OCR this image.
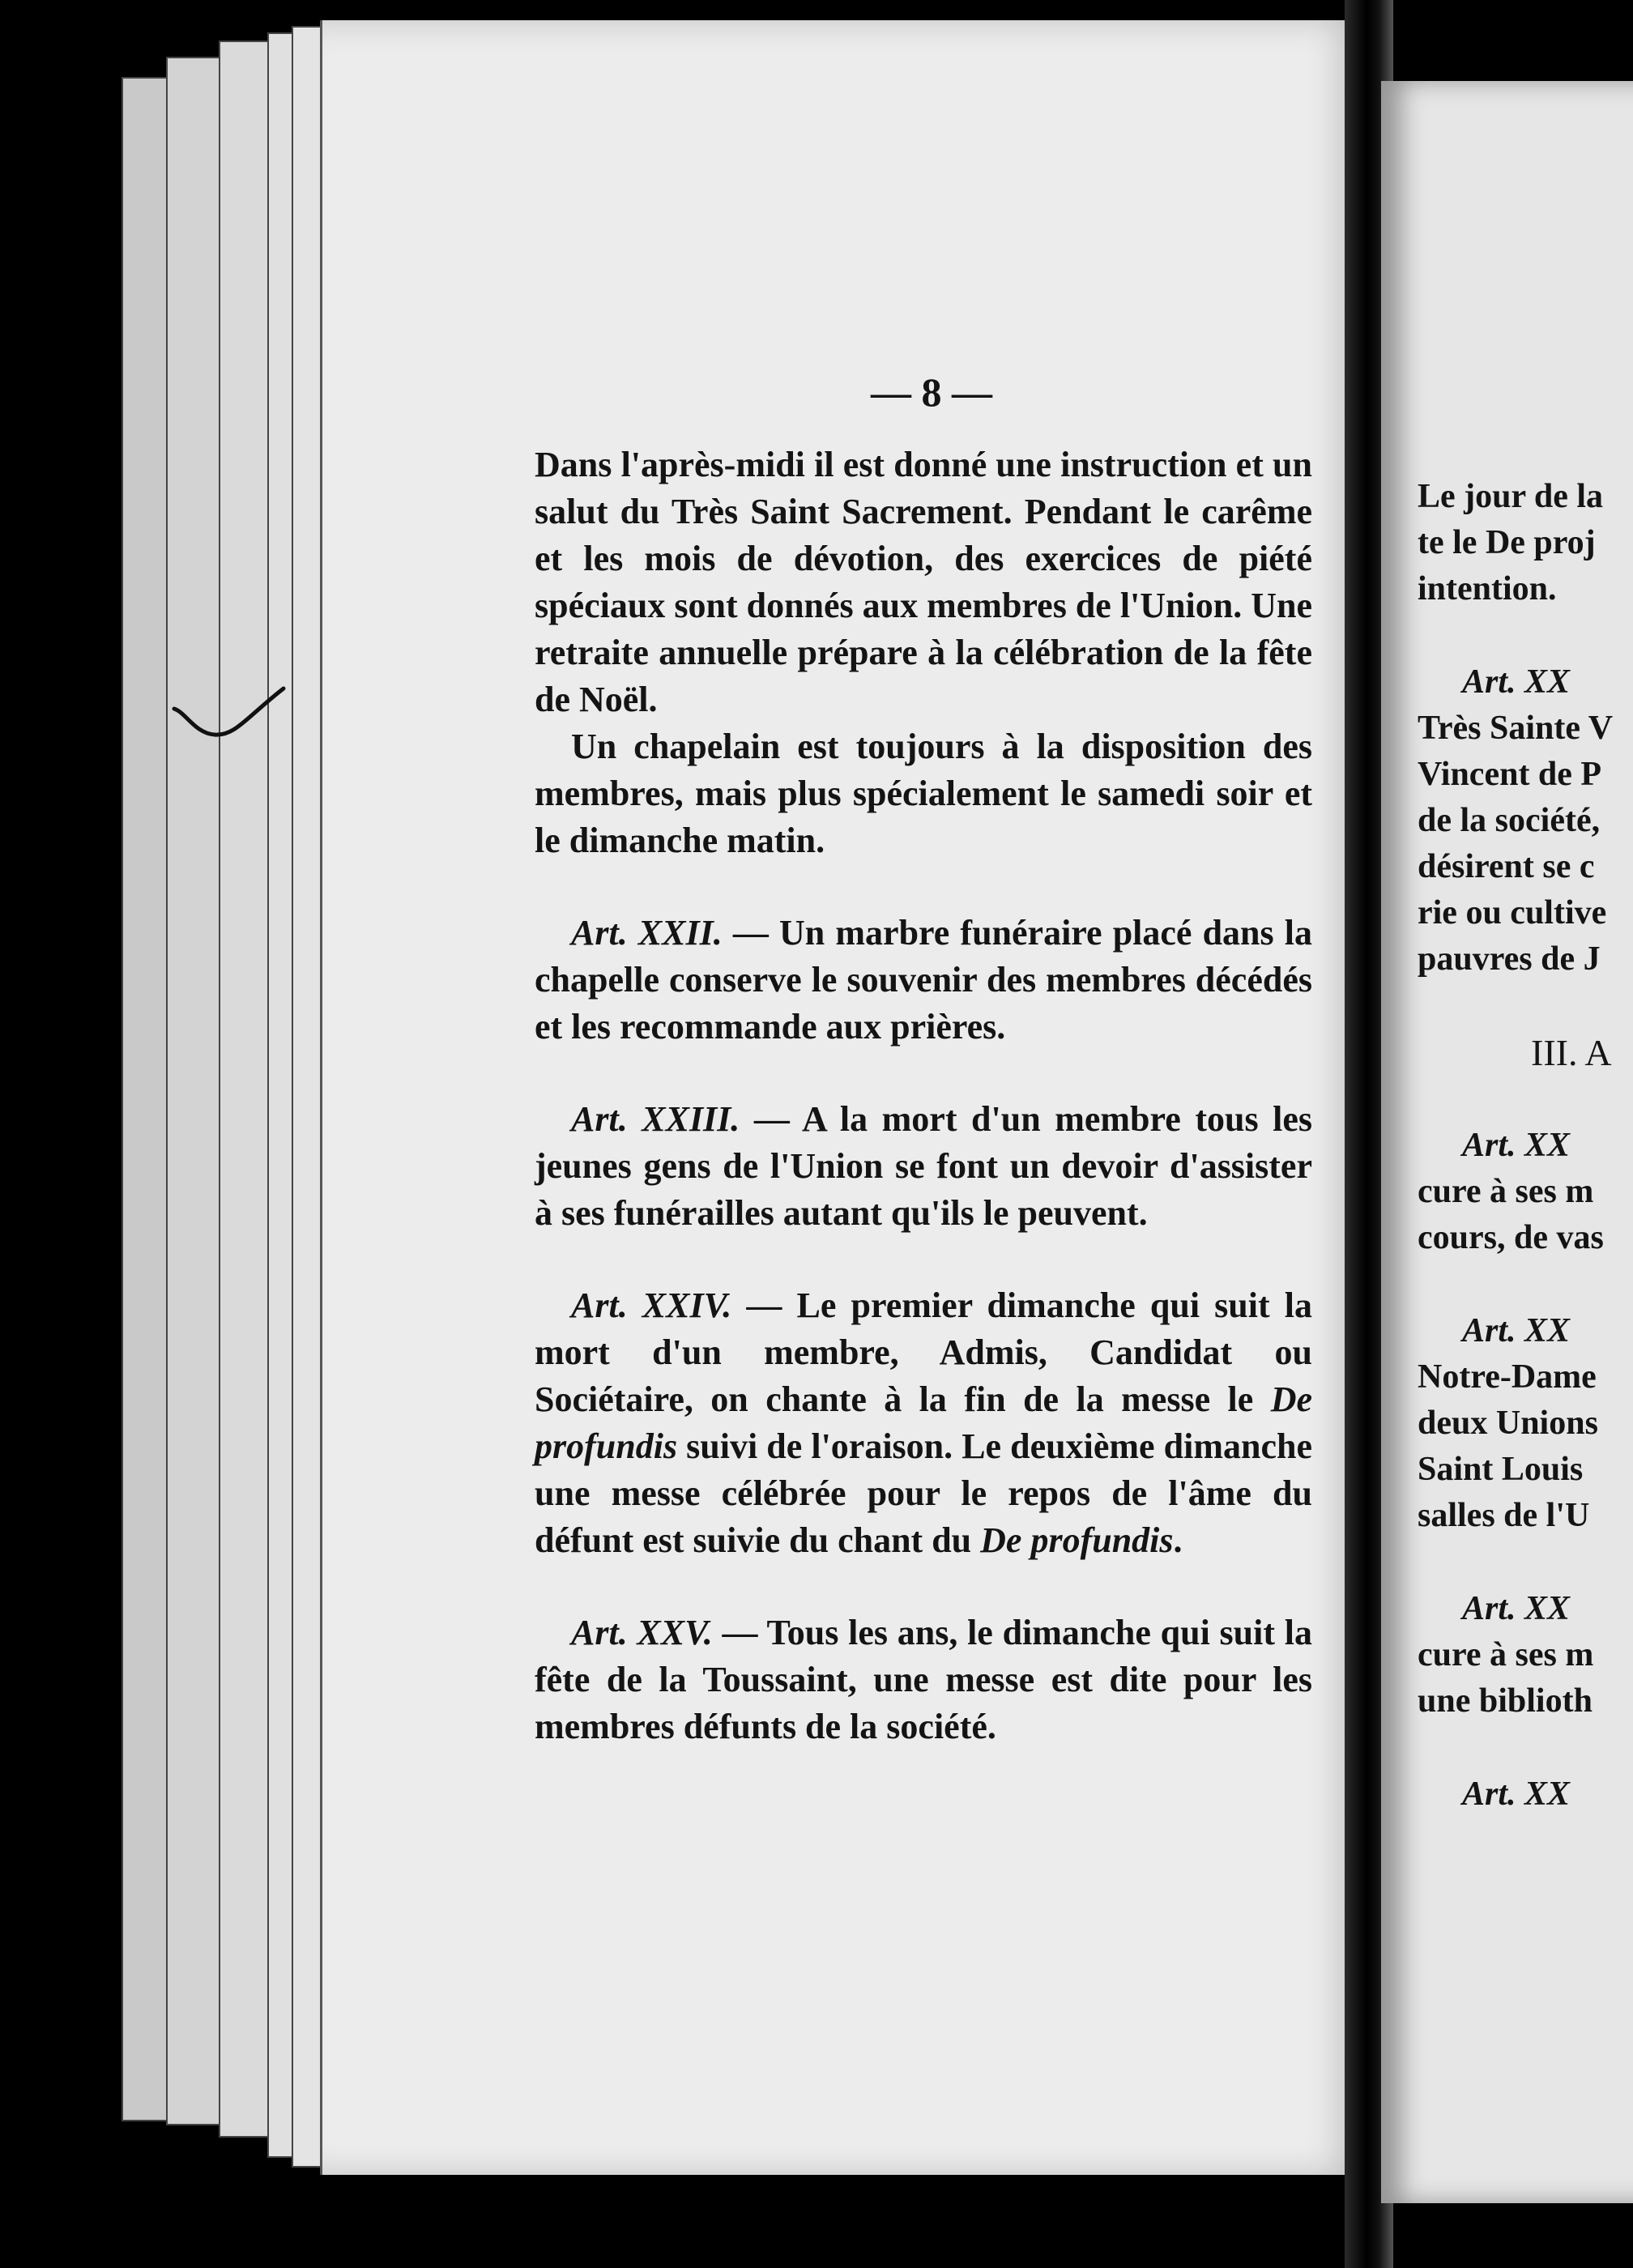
— 8 —

Dans l'après-midi il est donné une instruction et un salut du Très Saint Sacrement. Pendant le carême et les mois de dévotion, des exercices de piété spéciaux sont donnés aux membres de l'Union. Une retraite annuelle prépare à la célébration de la fête de Noël.

Un chapelain est toujours à la disposition des membres, mais plus spécialement le samedi soir et le dimanche matin.

Art. XXII. — Un marbre funéraire placé dans la chapelle conserve le souvenir des membres décédés et les recommande aux prières.

Art. XXIII. — A la mort d'un membre tous les jeunes gens de l'Union se font un devoir d'assister à ses funérailles autant qu'ils le peuvent.

Art. XXIV. — Le premier dimanche qui suit la mort d'un membre, Admis, Candidat ou Sociétaire, on chante à la fin de la messe le De profundis suivi de l'oraison. Le deuxième dimanche une messe célébrée pour le repos de l'âme du défunt est suivie du chant du De profundis.

Art. XXV. — Tous les ans, le dimanche qui suit la fête de la Toussaint, une messe est dite pour les membres défunts de la société.

Le jour de la
te le De proj
intention.
Art. XX
Très Sainte V
Vincent de P
de la société,
désirent se c
rie ou cultive
pauvres de J
III. A
Art. XX
cure à ses m
cours, de vas
Art. XX
Notre-Dame
deux Unions
Saint Louis
salles de l'U
Art. XX
cure à ses m
une biblioth
Art. XX
